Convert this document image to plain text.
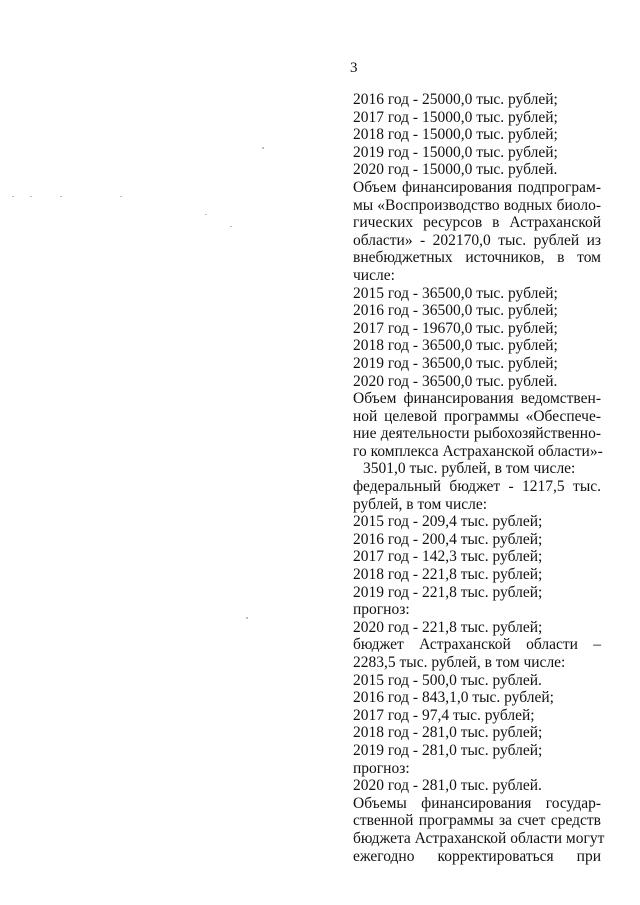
3
2016 год - 25000,0 тыс. рублей;
2017 год - 15000,0 тыс. рублей;
2018 год - 15000,0 тыс. рублей;
2019 год - 15000,0 тыс. рублей;
2020 год - 15000,0 тыс. рублей.
Объем финансирования подпрограм-
мы «Воспроизводство водных биоло-
гических ресурсов в Астраханской
области» - 202170,0 тыс. рублей из
внебюджетных источников, в том
числе:
2015 год - 36500,0 тыс. рублей;
2016 год - 36500,0 тыс. рублей;
2017 год - 19670,0 тыс. рублей;
2018 год - 36500,0 тыс. рублей;
2019 год - 36500,0 тыс. рублей;
2020 год - 36500,0 тыс. рублей.
Объем финансирования ведомствен-
ной целевой программы «Обеспече-
ние деятельности рыбохозяйственно-
го комплекса Астраханской области»-
3501,0 тыс. рублей, в том числе:
федеральный бюджет - 1217,5 тыс.
рублей, в том числе:
2015 год - 209,4 тыс. рублей;
2016 год - 200,4 тыс. рублей;
2017 год - 142,3 тыс. рублей;
2018 год - 221,8 тыс. рублей;
2019 год - 221,8 тыс. рублей;
прогноз:
2020 год - 221,8 тыс. рублей;
бюджет Астраханской области –
2283,5 тыс. рублей, в том числе:
2015 год - 500,0 тыс. рублей.
2016 год - 843,1,0 тыс. рублей;
2017 год - 97,4 тыс. рублей;
2018 год - 281,0 тыс. рублей;
2019 год - 281,0 тыс. рублей;
прогноз:
2020 год - 281,0 тыс. рублей.
Объемы финансирования государ-
ственной программы за счет средств
бюджета Астраханской области могут
ежегодно корректироваться при
